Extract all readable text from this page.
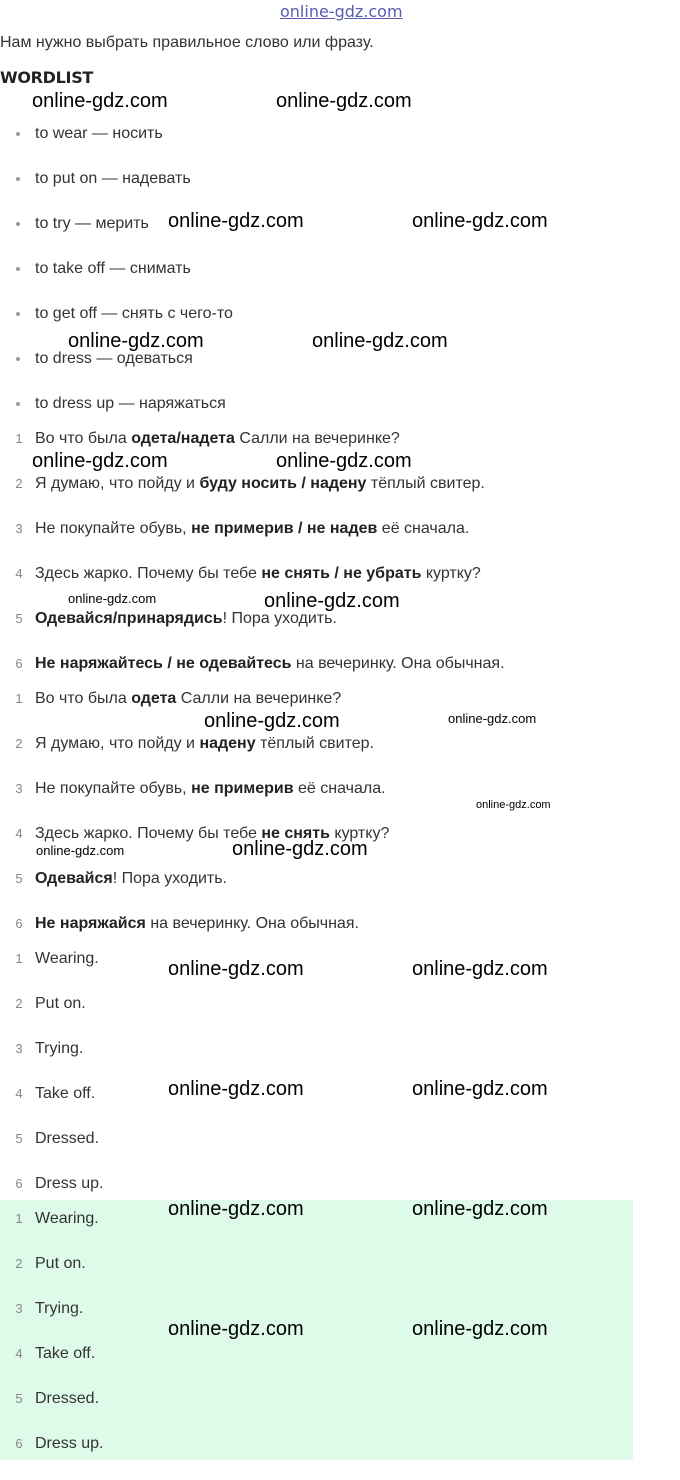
online-gdz.com
Нам нужно выбрать правильное слово или фразу.
WORDLIST
to wear — носить
to put on — надевать
to try — мерить
to take off — снимать
to get off — снять с чего-то
to dress — одеваться
to dress up — наряжаться
1 Во что была одета/надета Салли на вечеринке?
2 Я думаю, что пойду и буду носить / наденy тёплый свитер.
3 Не покупайте обувь, не примерив / не надев её сначала.
4 Здесь жарко. Почему бы тебе не снять / не убрать куртку?
5 Одевайся/принарядись! Пора уходить.
6 Не наряжайтесь / не одевайтесь на вечеринку. Она обычная.
1 Во что была одета Салли на вечеринке?
2 Я думаю, что пойду и наденy тёплый свитер.
3 Не покупайте обувь, не примерив её сначала.
4 Здесь жарко. Почему бы тебе не снять куртку?
5 Одевайся! Пора уходить.
6 Не наряжайся на вечеринку. Она обычная.
1 Wearing.
2 Put on.
3 Trying.
4 Take off.
5 Dressed.
6 Dress up.
1 Wearing.
2 Put on.
3 Trying.
4 Take off.
5 Dressed.
6 Dress up.
online-gdz.com	online-gdz.com
online-gdz.com	online-gdz.com
online-gdz.com	online-gdz.com
online-gdz.com	online-gdz.com
online-gdz.com	online-gdz.com
online-gdz.com	online-gdz.com
online-gdz.com
online-gdz.com	online-gdz.com
online-gdz.com	online-gdz.com
online-gdz.com	online-gdz.com
online-gdz.com	online-gdz.com
online-gdz.com	online-gdz.com
